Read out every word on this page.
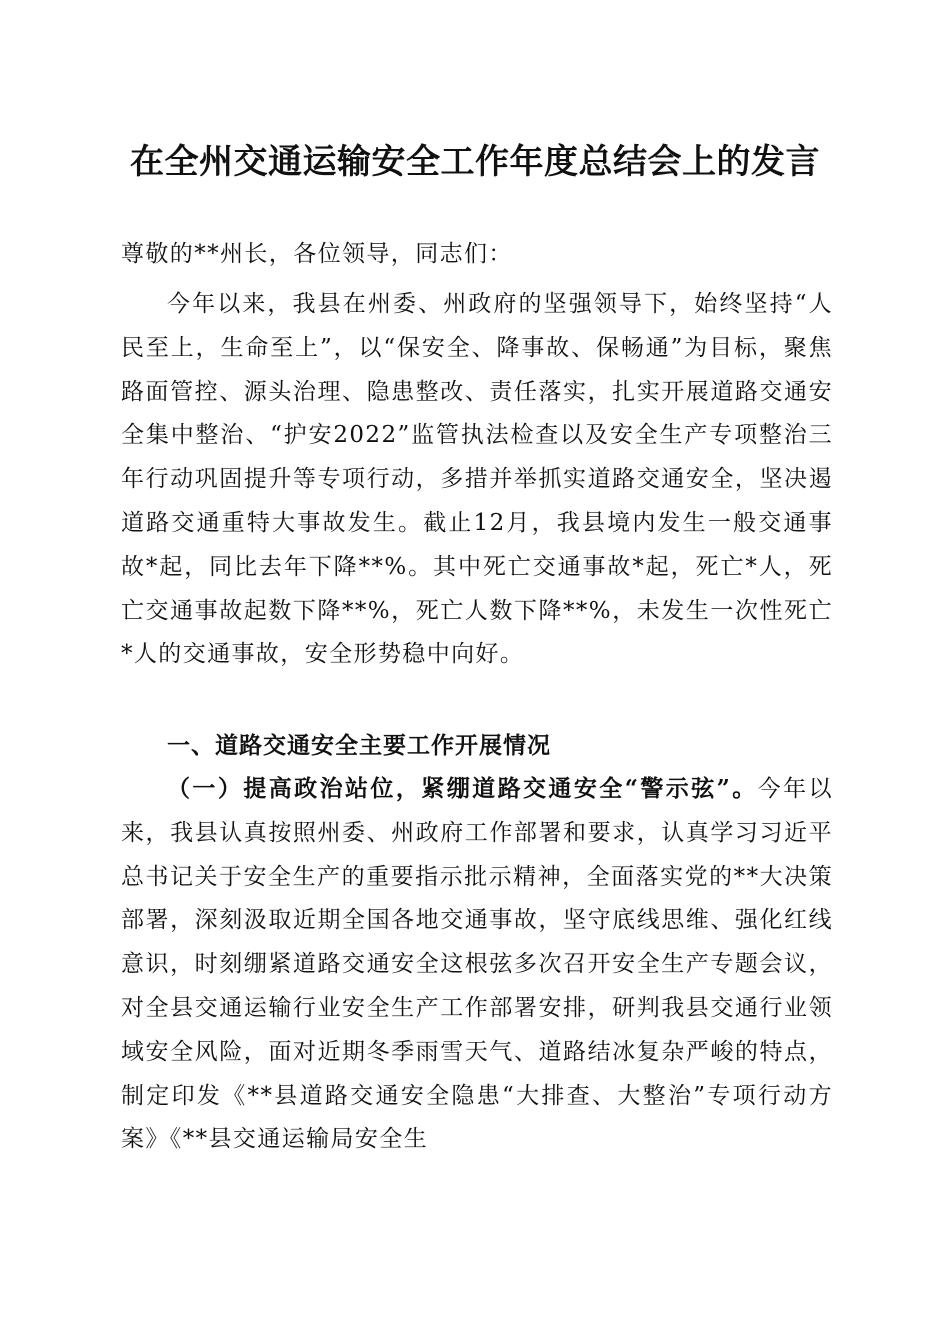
在全州交通运输安全工作年度总结会上的发言
尊敬的**州长，各位领导，同志们：
今年以来，我县在州委、州政府的坚强领导下，始终坚持“人民至上，生命至上”，以“保安全、降事故、保畅通”为目标，聚焦路面管控、源头治理、隐患整改、责任落实，扎实开展道路交通安全集中整治、“护安2022”监管执法检查以及安全生产专项整治三年行动巩固提升等专项行动，多措并举抓实道路交通安全，坚决遏道路交通重特大事故发生。截止12月，我县境内发生一般交通事故*起，同比去年下降**%。其中死亡交通事故*起，死亡*人，死亡交通事故起数下降**%，死亡人数下降**%，未发生一次性死亡*人的交通事故，安全形势稳中向好。
一、道路交通安全主要工作开展情况
（一）提高政治站位，紧绷道路交通安全“警示弦”。今年以来，我县认真按照州委、州政府工作部署和要求，认真学习习近平总书记关于安全生产的重要指示批示精神，全面落实党的**大决策部署，深刻汲取近期全国各地交通事故，坚守底线思维、强化红线意识，时刻绷紧道路交通安全这根弦多次召开安全生产专题会议，对全县交通运输行业安全生产工作部署安排，研判我县交通行业领域安全风险，面对近期冬季雨雪天气、道路结冰复杂严峻的特点，制定印发《**县道路交通安全隐患“大排查、大整治”专项行动方案》《**县交通运输局安全生
